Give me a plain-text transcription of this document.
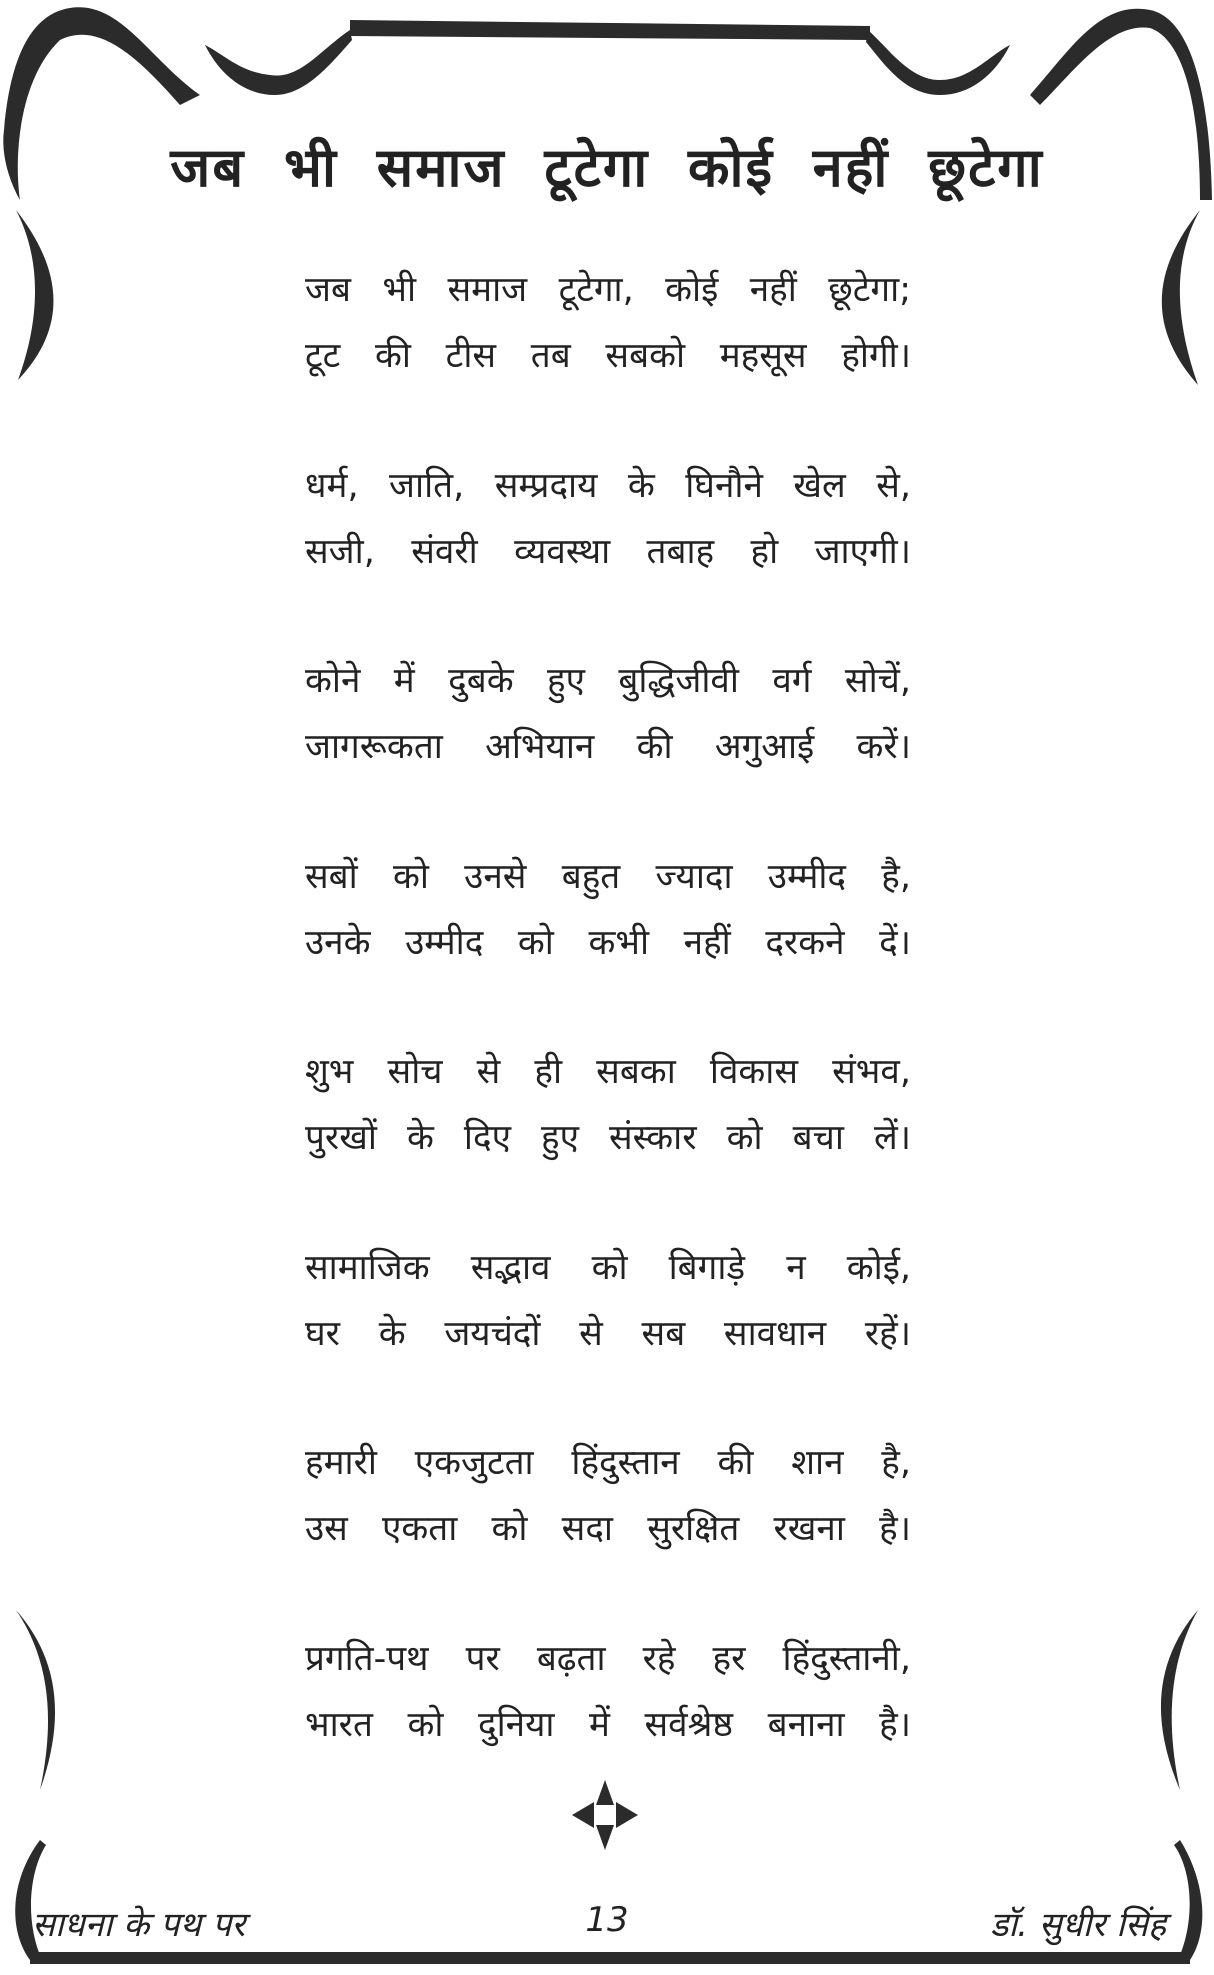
जब भी समाज टूटेगा कोई नहीं छूटेगा
जब भी समाज टूटेगा, कोई नहीं छूटेगा;
टूट की टीस तब सबको महसूस होगी।
धर्म, जाति, सम्प्रदाय के घिनौने खेल से,
सजी, संवरी व्यवस्था तबाह हो जाएगी।
कोने में दुबके हुए बुद्धिजीवी वर्ग सोचें,
जागरूकता अभियान की अगुआई करें।
सबों को उनसे बहुत ज्यादा उम्मीद है,
उनके उम्मीद को कभी नहीं दरकने दें।
शुभ सोच से ही सबका विकास संभव,
पुरखों के दिए हुए संस्कार को बचा लें।
सामाजिक सद्भाव को बिगाड़े न कोई,
घर के जयचंदों से सब सावधान रहें।
हमारी एकजुटता हिंदुस्तान की शान है,
उस एकता को सदा सुरक्षित रखना है।
प्रगति-पथ पर बढ़ता रहे हर हिंदुस्तानी,
भारत को दुनिया में सर्वश्रेष्ठ बनाना है।
साधना के पथ पर	13	डॉ. सुधीर सिंह
